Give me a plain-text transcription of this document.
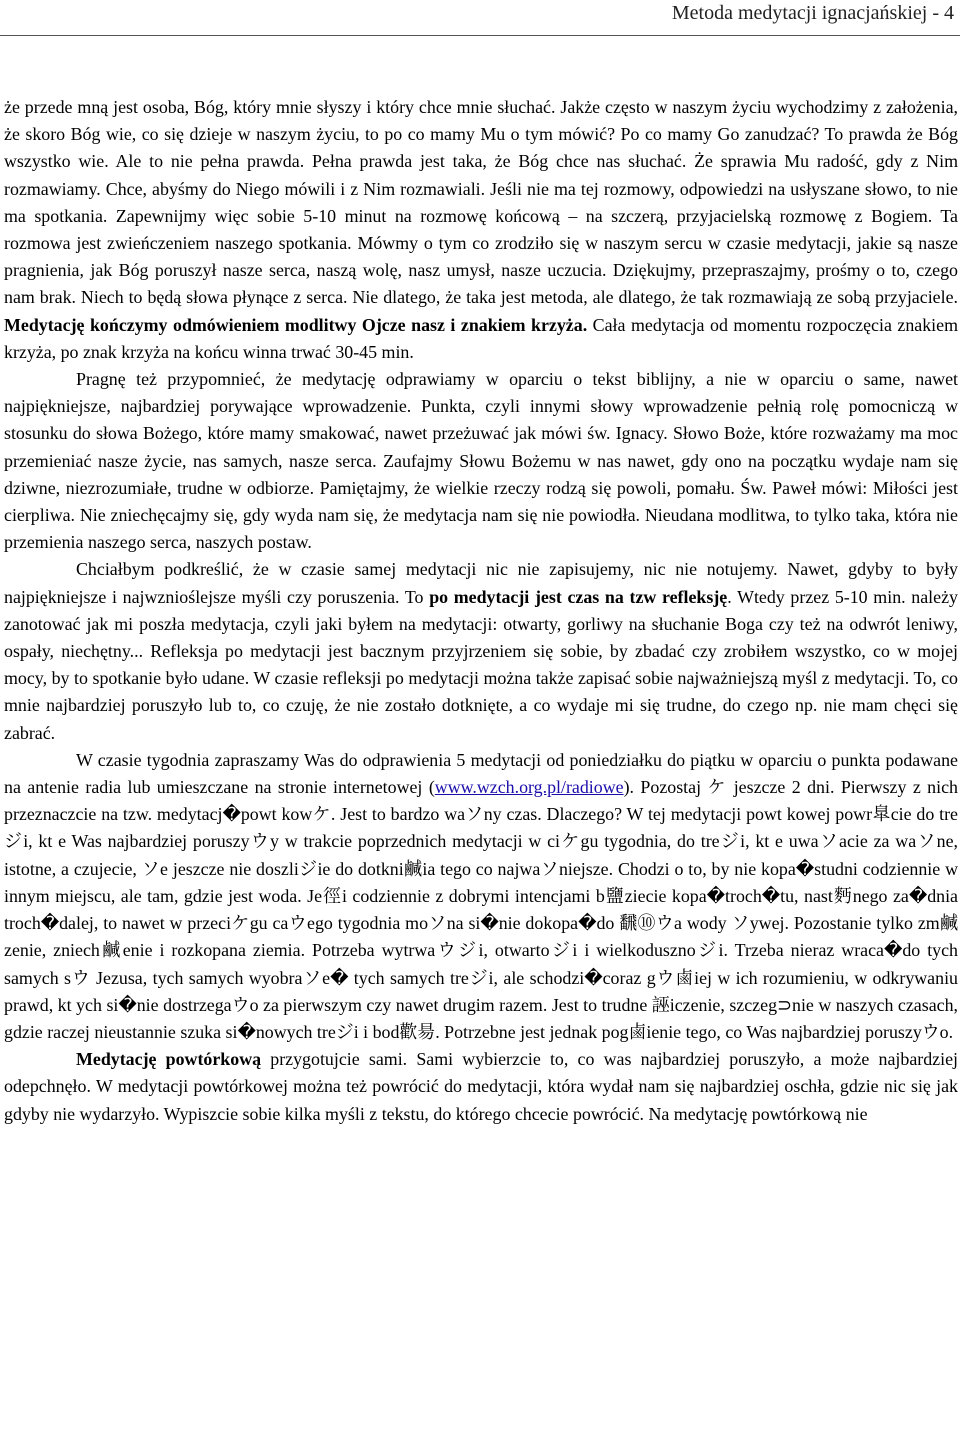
Metoda medytacji ignacjańskiej - 4

że przede mną jest osoba, Bóg, który mnie słyszy i który chce mnie słuchać. Jakże często w naszym życiu wychodzimy z założenia, że skoro Bóg wie, co się dzieje w naszym życiu, to po co mamy Mu o tym mówić? Po co mamy Go zanudzać? To prawda że Bóg wszystko wie. Ale to nie pełna prawda. Pełna prawda jest taka, że Bóg chce nas słuchać. Że sprawia Mu radość, gdy z Nim rozmawiamy. Chce, abyśmy do Niego mówili i z Nim rozmawiali. Jeśli nie ma tej rozmowy, odpowiedzi na usłyszane słowo, to nie ma spotkania. Zapewnijmy więc sobie 5-10 minut na rozmowę końcową – na szczerą, przyjacielską rozmowę z Bogiem. Ta rozmowa jest zwieńczeniem naszego spotkania. Mówmy o tym co zrodziło się w naszym sercu w czasie medytacji, jakie są nasze pragnienia, jak Bóg poruszył nasze serca, naszą wolę, nasz umysł, nasze uczucia. Dziękujmy, przepraszajmy, prośmy o to, czego nam brak. Niech to będą słowa płynące z serca. Nie dlatego, że taka jest metoda, ale dlatego, że tak rozmawiają ze sobą przyjaciele. Medytację kończymy odmówieniem modlitwy Ojcze nasz i znakiem krzyża. Cała medytacja od momentu rozpoczęcia znakiem krzyża, po znak krzyża na końcu winna trwać 30-45 min.

Pragnę też przypomnieć, że medytację odprawiamy w oparciu o tekst biblijny, a nie w oparciu o same, nawet najpiękniejsze, najbardziej porywające wprowadzenie. Punkta, czyli innymi słowy wprowadzenie pełnią rolę pomocniczą w stosunku do słowa Bożego, które mamy smakować, nawet przeżuwać jak mówi św. Ignacy. Słowo Boże, które rozważamy ma moc przemieniać nasze życie, nas samych, nasze serca. Zaufajmy Słowu Bożemu w nas nawet, gdy ono na początku wydaje nam się dziwne, niezrozumiałe, trudne w odbiorze. Pamiętajmy, że wielkie rzeczy rodzą się powoli, pomału. Św. Paweł mówi: Miłości jest cierpliwa. Nie zniechęcajmy się, gdy wyda nam się, że medytacja nam się nie powiodła. Nieudana modlitwa, to tylko taka, która nie przemienia naszego serca, naszych postaw.

Chciałbym podkreślić, że w czasie samej medytacji nic nie zapisujemy, nic nie notujemy. Nawet, gdyby to były najpiękniejsze i najwznioślejsze myśli czy poruszenia. To po medytacji jest czas na tzw refleksję. Wtedy przez 5-10 min. należy zanotować jak mi poszła medytacja, czyli jaki byłem na medytacji: otwarty, gorliwy na słuchanie Boga czy też na odwrót leniwy, ospały, niechętny... Refleksja po medytacji jest bacznym przyjrzeniem się sobie, by zbadać czy zrobiłem wszystko, co w mojej mocy, by to spotkanie było udane. W czasie refleksji po medytacji można także zapisać sobie najważniejszą myśl z medytacji. To, co mnie najbardziej poruszyło lub to, co czuję, że nie zostało dotknięte, a co wydaje mi się trudne, do czego np. nie mam chęci się zabrać.

W czasie tygodnia zapraszamy Was do odprawienia 5 medytacji od poniedziałku do piątku w oparciu o punkta podawane na antenie radia lub umieszczane na stronie internetowej (www.wzch.org.pl/radiowe). Pozostaj ケ jeszcze 2 dni. Pierwszy z nich przeznaczcie na tzw. medytacj�powt kowケ. Jest to bardzo waソny czas. Dlaczego? W tej medytacji powt kowej powr臯cie do treジi, kt e Was najbardziej poruszyウy w trakcie poprzednich medytacji w ciケgu tygodnia, do treジi, kt e uwaソacie za waソne, istotne, a czujecie, ソe jeszcze nie doszliジie do dotkni鹹ia tego co najwaソniejsze. Chodzi o to, by nie kopa�studni codziennie w innym miejscu, ale tam, gdzie jest woda. Je徑i codziennie z dobrymi intencjami b鹽ziecie kopa�troch�tu, nast麪nego za�dnia troch�dalej, to nawet w przeciケgu caウego tygodnia moソna si�nie dokopa�do 飜⑩ウa wody ソywej. Pozostanie tylko zm鹹zenie, zniech鹹enie i rozkopana ziemia. Potrzeba wytrwaウジi, otwartoジi i wielkodusznoジi. Trzeba nieraz wraca�do tych samych sウ Jezusa, tych samych wyobraソe� tych samych treジi, ale schodzi�coraz gウ鹵iej w ich rozumieniu, w odkrywaniu prawd, kt ych si�nie dostrzegaウo za pierwszym czy nawet drugim razem. Jest to trudne 誣iczenie, szczeg⊃nie w naszych czasach, gdzie raczej nieustannie szuka si�nowych treジi i bod歡昜. Potrzebne jest jednak pog鹵ienie tego, co Was najbardziej poruszyウo.

Medytację powtórkową przygotujcie sami. Sami wybierzcie to, co was najbardziej poruszyło, a może najbardziej odepchnęło. W medytacji powtórkowej można też powrócić do medytacji, która wydał nam się najbardziej oschła, gdzie nic się jak gdyby nie wydarzyło. Wypiszcie sobie kilka myśli z tekstu, do którego chcecie powrócić. Na medytację powtórkową nie
